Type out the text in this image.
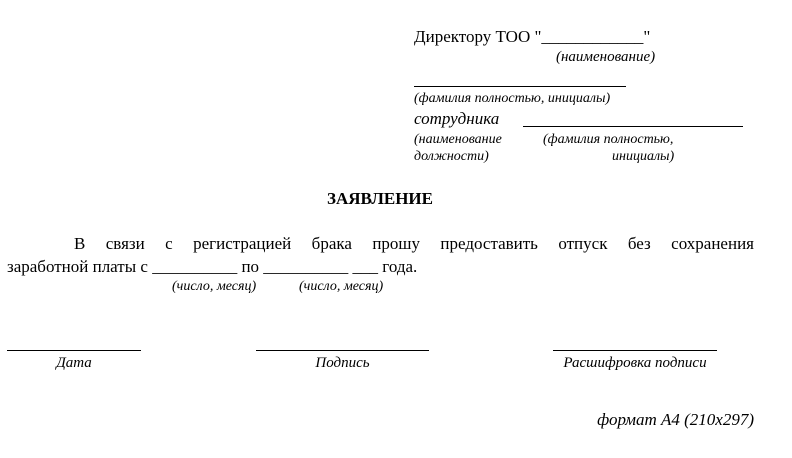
Директору ТОО "____________"
(наименование)
(фамилия полностью, инициалы)
сотрудника
(наименование	(фамилия полностью,
должности)	инициалы)
ЗАЯВЛЕНИЕ
В связи с регистрацией брака прошу предоставить отпуск без сохранения
заработной платы с __________ по __________ ___ года.
(число, месяц)	(число, месяц)
Дата	Подпись	Расшифровка подписи
формат А4 (210х297)
